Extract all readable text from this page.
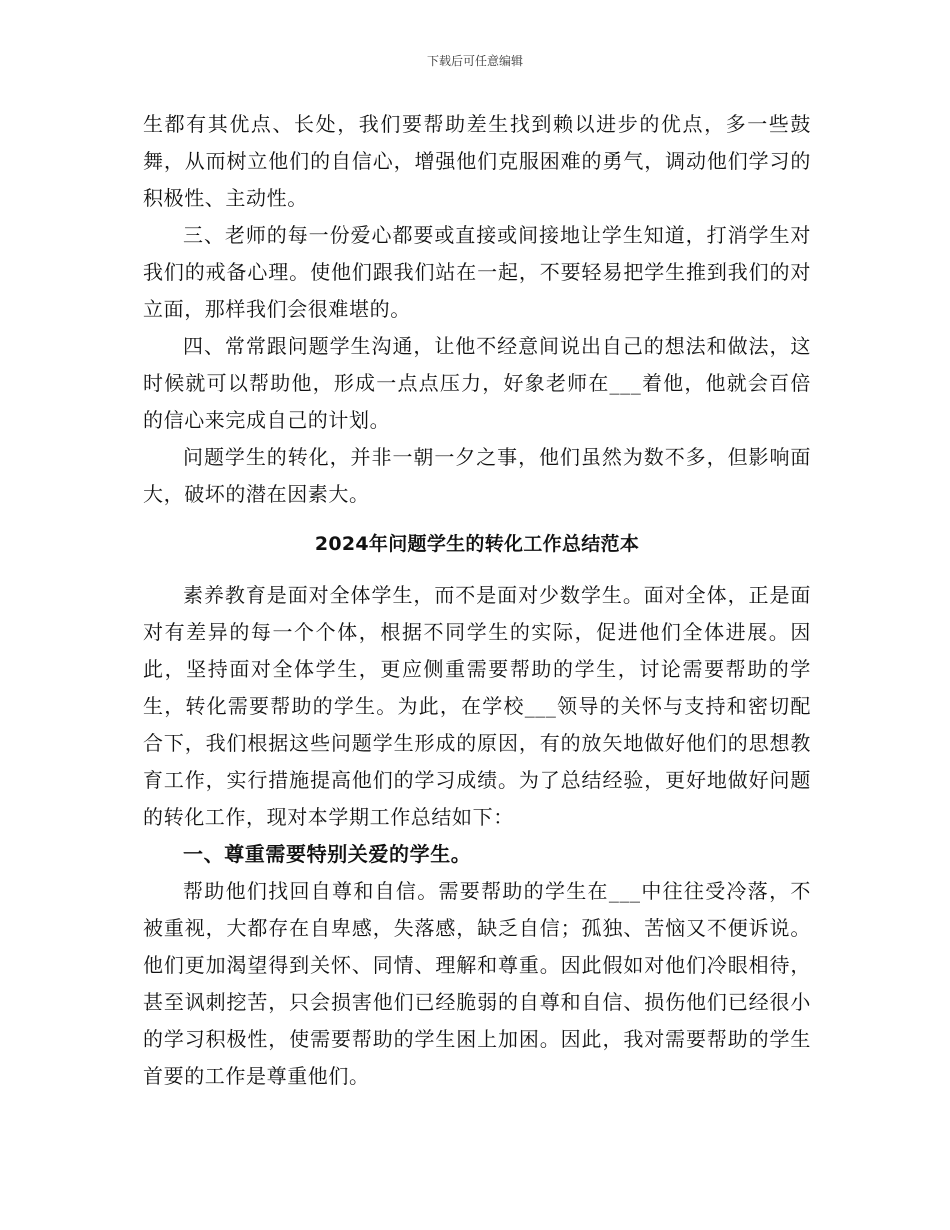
下载后可任意编辑

生都有其优点、长处，我们要帮助差生找到赖以进步的优点，多一些鼓舞，从而树立他们的自信心，增强他们克服困难的勇气，调动他们学习的积极性、主动性。

三、老师的每一份爱心都要或直接或间接地让学生知道，打消学生对我们的戒备心理。使他们跟我们站在一起，不要轻易把学生推到我们的对立面，那样我们会很难堪的。

四、常常跟问题学生沟通，让他不经意间说出自己的想法和做法，这时候就可以帮助他，形成一点点压力，好象老师在___着他，他就会百倍的信心来完成自己的计划。

问题学生的转化，并非一朝一夕之事，他们虽然为数不多，但影响面大，破坏的潜在因素大。

2024年问题学生的转化工作总结范本

素养教育是面对全体学生，而不是面对少数学生。面对全体，正是面对有差异的每一个个体，根据不同学生的实际，促进他们全体进展。因此，坚持面对全体学生，更应侧重需要帮助的学生，讨论需要帮助的学生，转化需要帮助的学生。为此，在学校___领导的关怀与支持和密切配合下，我们根据这些问题学生形成的原因，有的放矢地做好他们的思想教育工作，实行措施提高他们的学习成绩。为了总结经验，更好地做好问题的转化工作，现对本学期工作总结如下：

一、尊重需要特别关爱的学生。

帮助他们找回自尊和自信。需要帮助的学生在___中往往受冷落，不被重视，大都存在自卑感，失落感，缺乏自信；孤独、苦恼又不便诉说。他们更加渴望得到关怀、同情、理解和尊重。因此假如对他们冷眼相待，甚至讽刺挖苦，只会损害他们已经脆弱的自尊和自信、损伤他们已经很小的学习积极性，使需要帮助的学生困上加困。因此，我对需要帮助的学生首要的工作是尊重他们。
